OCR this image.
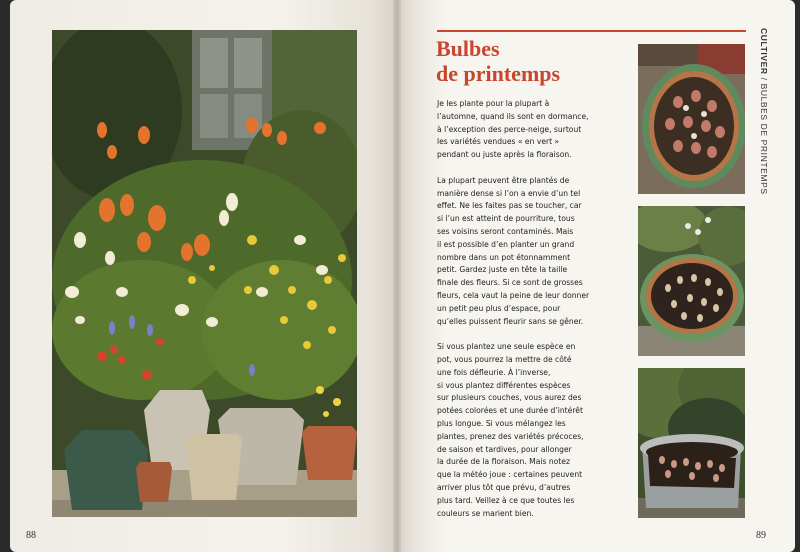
88
Bulbes
de printemps

Je les plante pour la plupart à
l’automne, quand ils sont en dormance,
à l’exception des perce-neige, surtout
les variétés vendues « en vert »
pendant ou juste après la floraison.

La plupart peuvent être plantés de
manière dense si l’on a envie d’un tel
effet. Ne les faites pas se toucher, car
si l’un est atteint de pourriture, tous
ses voisins seront contaminés. Mais
il est possible d’en planter un grand
nombre dans un pot étonnamment
petit. Gardez juste en tête la taille
finale des fleurs. Si ce sont de grosses
fleurs, cela vaut la peine de leur donner
un petit peu plus d’espace, pour
qu’elles puissent fleurir sans se gêner.

Si vous plantez une seule espèce en
pot, vous pourrez la mettre de côté
une fois défleurie. À l’inverse,
si vous plantez différentes espèces
sur plusieurs couches, vous aurez des
potées colorées et une durée d’intérêt
plus longue. Si vous mélangez les
plantes, prenez des variétés précoces,
de saison et tardives, pour allonger
la durée de la floraison. Mais notez
que la météo joue : certaines peuvent
arriver plus tôt que prévu, d’autres
plus tard. Veillez à ce que toutes les
couleurs se marient bien.

CULTIVER / BULBES DE PRINTEMPS
89
